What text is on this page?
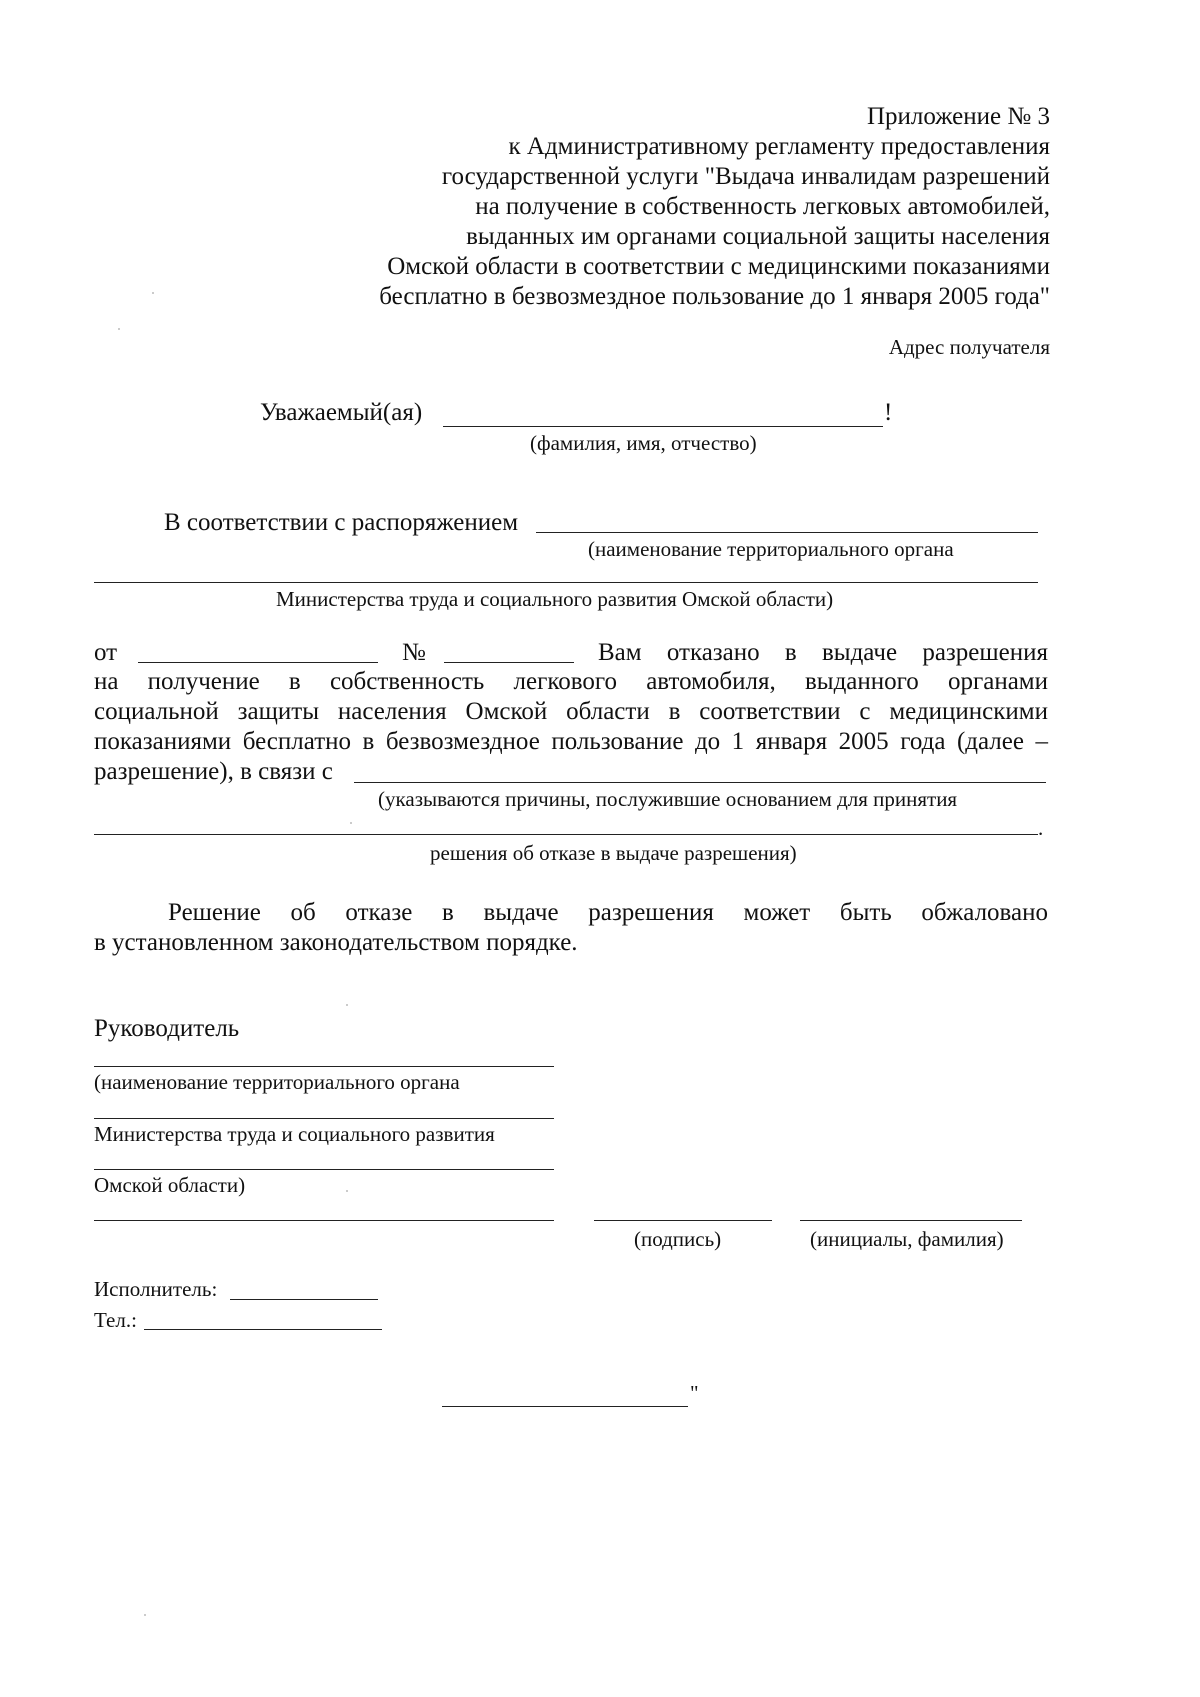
Приложение № 3
к Административному регламенту предоставления
государственной услуги "Выдача инвалидам разрешений
на получение в собственность легковых автомобилей,
выданных им органами социальной защиты населения
Омской области в соответствии с медицинскими показаниями
бесплатно в безвозмездное пользование до 1 января 2005 года"
Адрес получателя
Уважаемый(ая)	!
(фамилия, имя, отчество)
В соответствии с распоряжением
(наименование территориального органа
Министерства труда и социального развития Омской области)
от	№	Вам отказано в выдаче разрешения
на получение в собственность легкового автомобиля, выданного органами
социальной защиты населения Омской области в соответствии с медицинскими
показаниями бесплатно в безвозмездное пользование до 1 января 2005 года (далее –
разрешение), в связи с
(указываются причины, послужившие основанием для принятия
.
решения об отказе в выдаче разрешения)
Решение об отказе в выдаче разрешения может быть обжаловано
в установленном законодательством порядке.
Руководитель
(наименование территориального органа
Министерства труда и социального развития
Омской области)
(подпись)	(инициалы, фамилия)
Исполнитель:
Тел.:
"
